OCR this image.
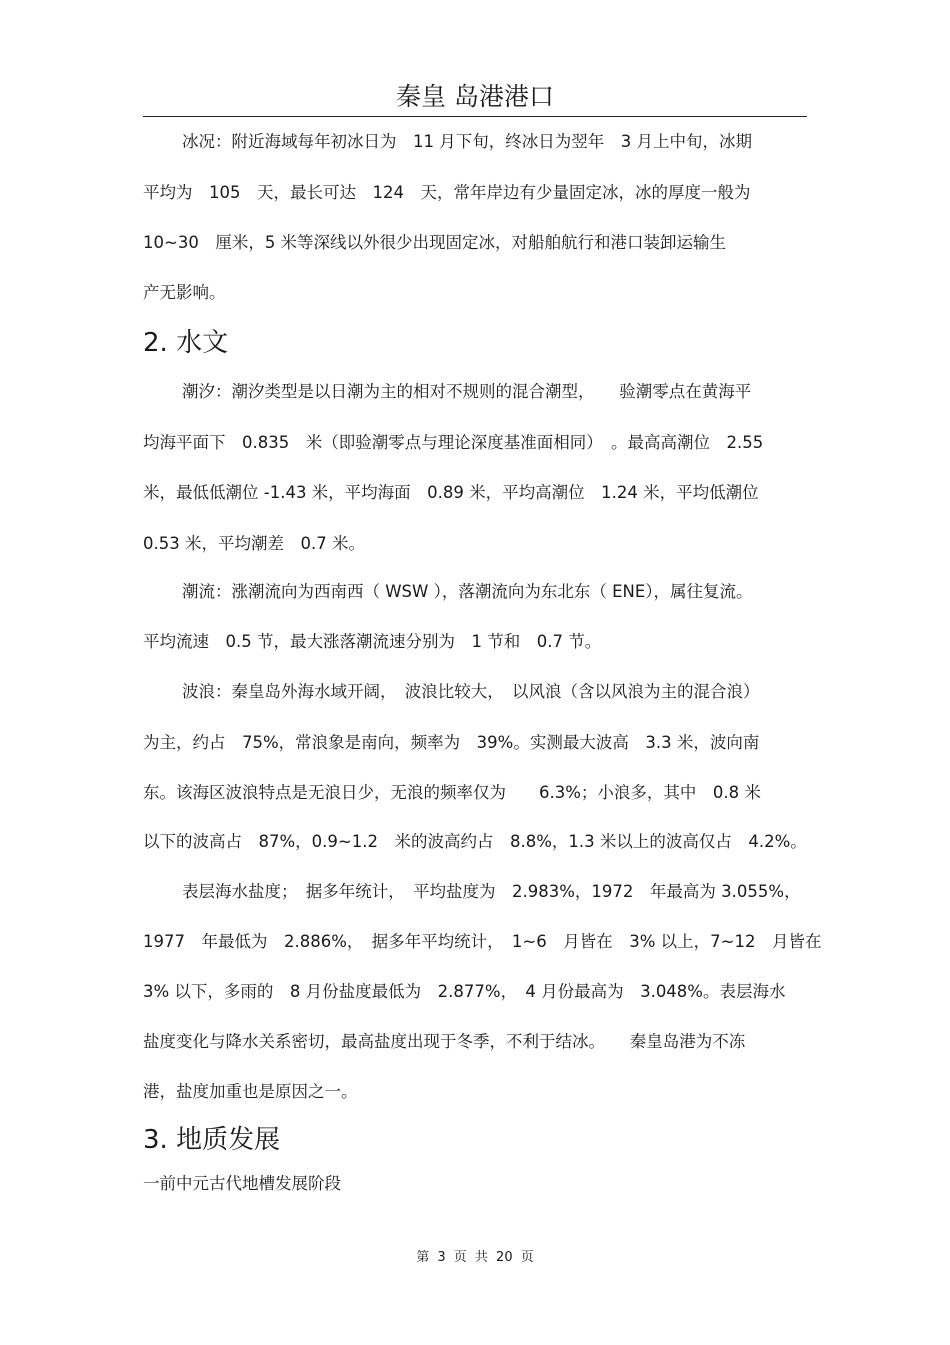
秦皇 岛港港口
冰况：附近海域每年初冰日为　11 月下旬，终冰日为翌年　3 月上中旬，冰期
平均为　105　天，最长可达　124　天，常年岸边有少量固定冰，冰的厚度一般为
10~30　厘米，5 米等深线以外很少出现固定冰，对船舶航行和港口装卸运输生
产无影响。
2. 水文
潮汐：潮汐类型是以日潮为主的相对不规则的混合潮型，　　验潮零点在黄海平
均海平面下　0.835　米（即验潮零点与理论深度基准面相同）　。最高高潮位　2.55
米，最低低潮位 -1.43 米，平均海面　0.89 米，平均高潮位　1.24 米，平均低潮位
0.53 米，平均潮差　0.7 米。
潮流：涨潮流向为西南西（ WSW ），落潮流向为东北东（ ENE），属往复流。
平均流速　0.5 节，最大涨落潮流速分别为　1 节和　0.7 节。
波浪：秦皇岛外海水域开阔，　波浪比较大，　以风浪（含以风浪为主的混合浪）
为主，约占　75%，常浪象是南向，频率为　39%。实测最大波高　3.3 米，波向南
东。该海区波浪特点是无浪日少，无浪的频率仅为　　6.3%；小浪多，其中　0.8 米
以下的波高占　87%，0.9~1.2　米的波高约占　8.8%，1.3 米以上的波高仅占　4.2%。
表层海水盐度；　据多年统计，　平均盐度为　2.983%，1972　年最高为 3.055%，
1977　年最低为　2.886%，　据多年平均统计，　1~6　月皆在　3% 以上，7~12　月皆在
3% 以下，多雨的　8 月份盐度最低为　2.877%，　4 月份最高为　3.048%。表层海水
盐度变化与降水关系密切，最高盐度出现于冬季，不利于结冰。　　秦皇岛港为不冻
港，盐度加重也是原因之一。
3. 地质发展
一前中元古代地槽发展阶段
第 3 页 共 20 页
